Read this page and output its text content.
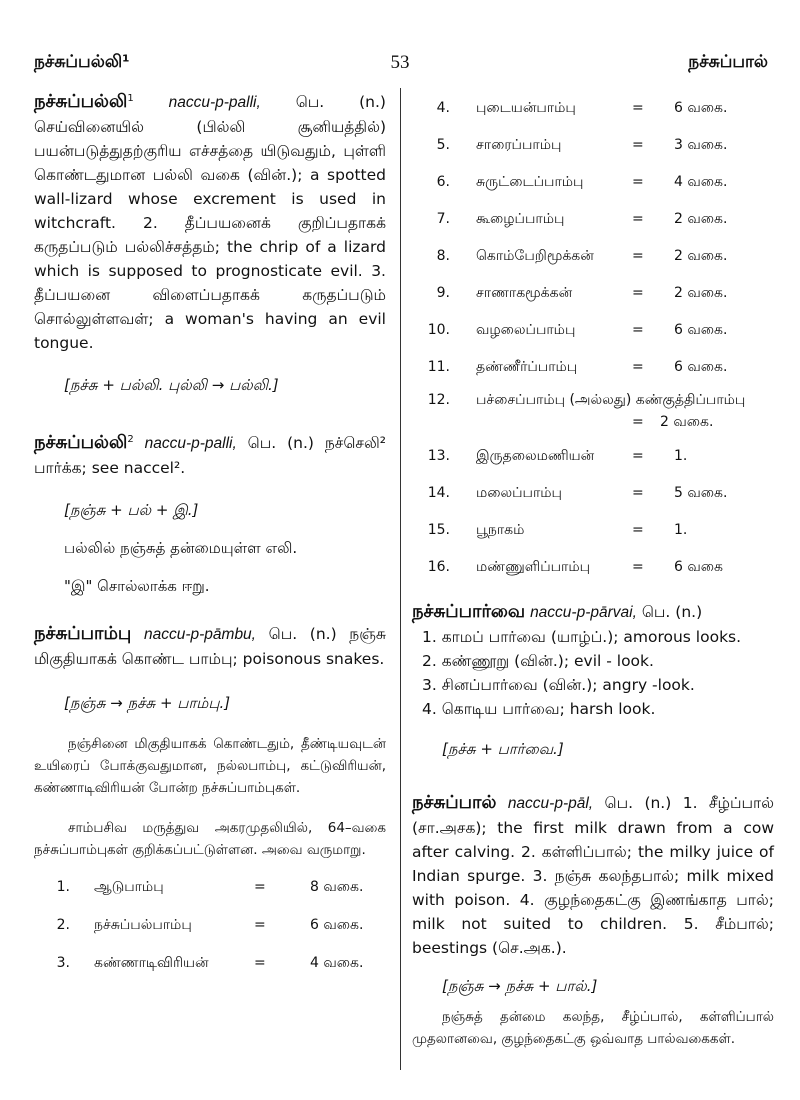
நச்சுப்பல்லி¹	53	நச்சுப்பால்

நச்சுப்பல்லி$^1$ naccu-p-palli, பெ. (n.) செய்வினையில் (பில்லி சூனியத்தில்) பயன்படுத்துதற்குரிய எச்சத்தை யிடுவதும், புள்ளி கொண்டதுமான பல்லி வகை (வின்.); a spotted wall-lizard whose excrement is used in witchcraft. 2. தீப்பயனைக் குறிப்பதாகக் கருதப்படும் பல்லிச்சத்தம்; the chrip of a lizard which is supposed to prognosticate evil. 3. தீப்பயனை விளைப்பதாகக் கருதப்படும் சொல்லுள்ளவள்; a woman's having an evil tongue.

[நச்சு + பல்லி. புல்லி → பல்லி.]

நச்சுப்பல்லி$^2$ naccu-p-palli, பெ. (n.) நச்செலி² பார்க்க; see naccel².

[நஞ்சு + பல் + இ.]

பல்லில் நஞ்சுத் தன்மையுள்ள எலி.

"இ" சொல்லாக்க ஈறு.

நச்சுப்பாம்பு naccu-p-pāmbu, பெ. (n.) நஞ்சு மிகுதியாகக் கொண்ட பாம்பு; poisonous snakes.

[நஞ்சு → நச்சு + பாம்பு.]

நஞ்சினை மிகுதியாகக் கொண்டதும், தீண்டியவுடன் உயிரைப் போக்குவதுமான, நல்லபாம்பு, கட்டுவிரியன், கண்ணாடிவிரியன் போன்ற நச்சுப்பாம்புகள்.

சாம்பசிவ மருத்துவ அகரமுதலியில், 64–வகை நச்சுப்பாம்புகள் குறிக்கப்பட்டுள்ளன. அவை வருமாறு.

1. ஆடுபாம்பு	=	8 வகை.
2. நச்சுப்பல்பாம்பு	=	6 வகை.
3. கண்ணாடிவிரியன்	=	4 வகை.
4. புடையன்பாம்பு	= 6 வகை.
5. சாரைப்பாம்பு	= 3 வகை.
6. சுருட்டைப்பாம்பு	= 4 வகை.
7. கூழைப்பாம்பு	= 2 வகை.
8. கொம்பேறிமூக்கன்	= 2 வகை.
9. சாணாகமூக்கன்	= 2 வகை.
10. வழலைப்பாம்பு	= 6 வகை.
11. தண்ணீர்ப்பாம்பு	= 6 வகை.
12. பச்சைப்பாம்பு (அல்லது) கண்குத்திப்பாம்பு
= 2 வகை.
13. இருதலைமணியன்	= 1.
14. மலைப்பாம்பு	= 5 வகை.
15. பூநாகம்	= 1.
16. மண்ணுளிப்பாம்பு	= 6 வகை

நச்சுப்பார்வை naccu-p-pārvai, பெ. (n.)

1. காமப் பார்வை (யாழ்ப்.); amorous looks.

2. கண்ணூறு (வின்.); evil - look.

3. சினப்பார்வை (வின்.); angry -look.

4. கொடிய பார்வை; harsh look.

[நச்சு + பார்வை.]

நச்சுப்பால் naccu-p-pāl, பெ. (n.) 1. சீழ்ப்பால் (சா.அசக); the first milk drawn from a cow after calving. 2. கள்ளிப்பால்; the milky juice of Indian spurge. 3. நஞ்சு கலந்தபால்; milk mixed with poison. 4. குழந்தைகட்கு இணங்காத பால்; milk not suited to children. 5. சீம்பால்; beestings (செ.அக.).

[நஞ்சு → நச்சு + பால்.]

நஞ்சுத் தன்மை கலந்த, சீழ்ப்பால், கள்ளிப்பால் முதலானவை, குழந்தைகட்கு ஒவ்வாத பால்வகைகள்.
